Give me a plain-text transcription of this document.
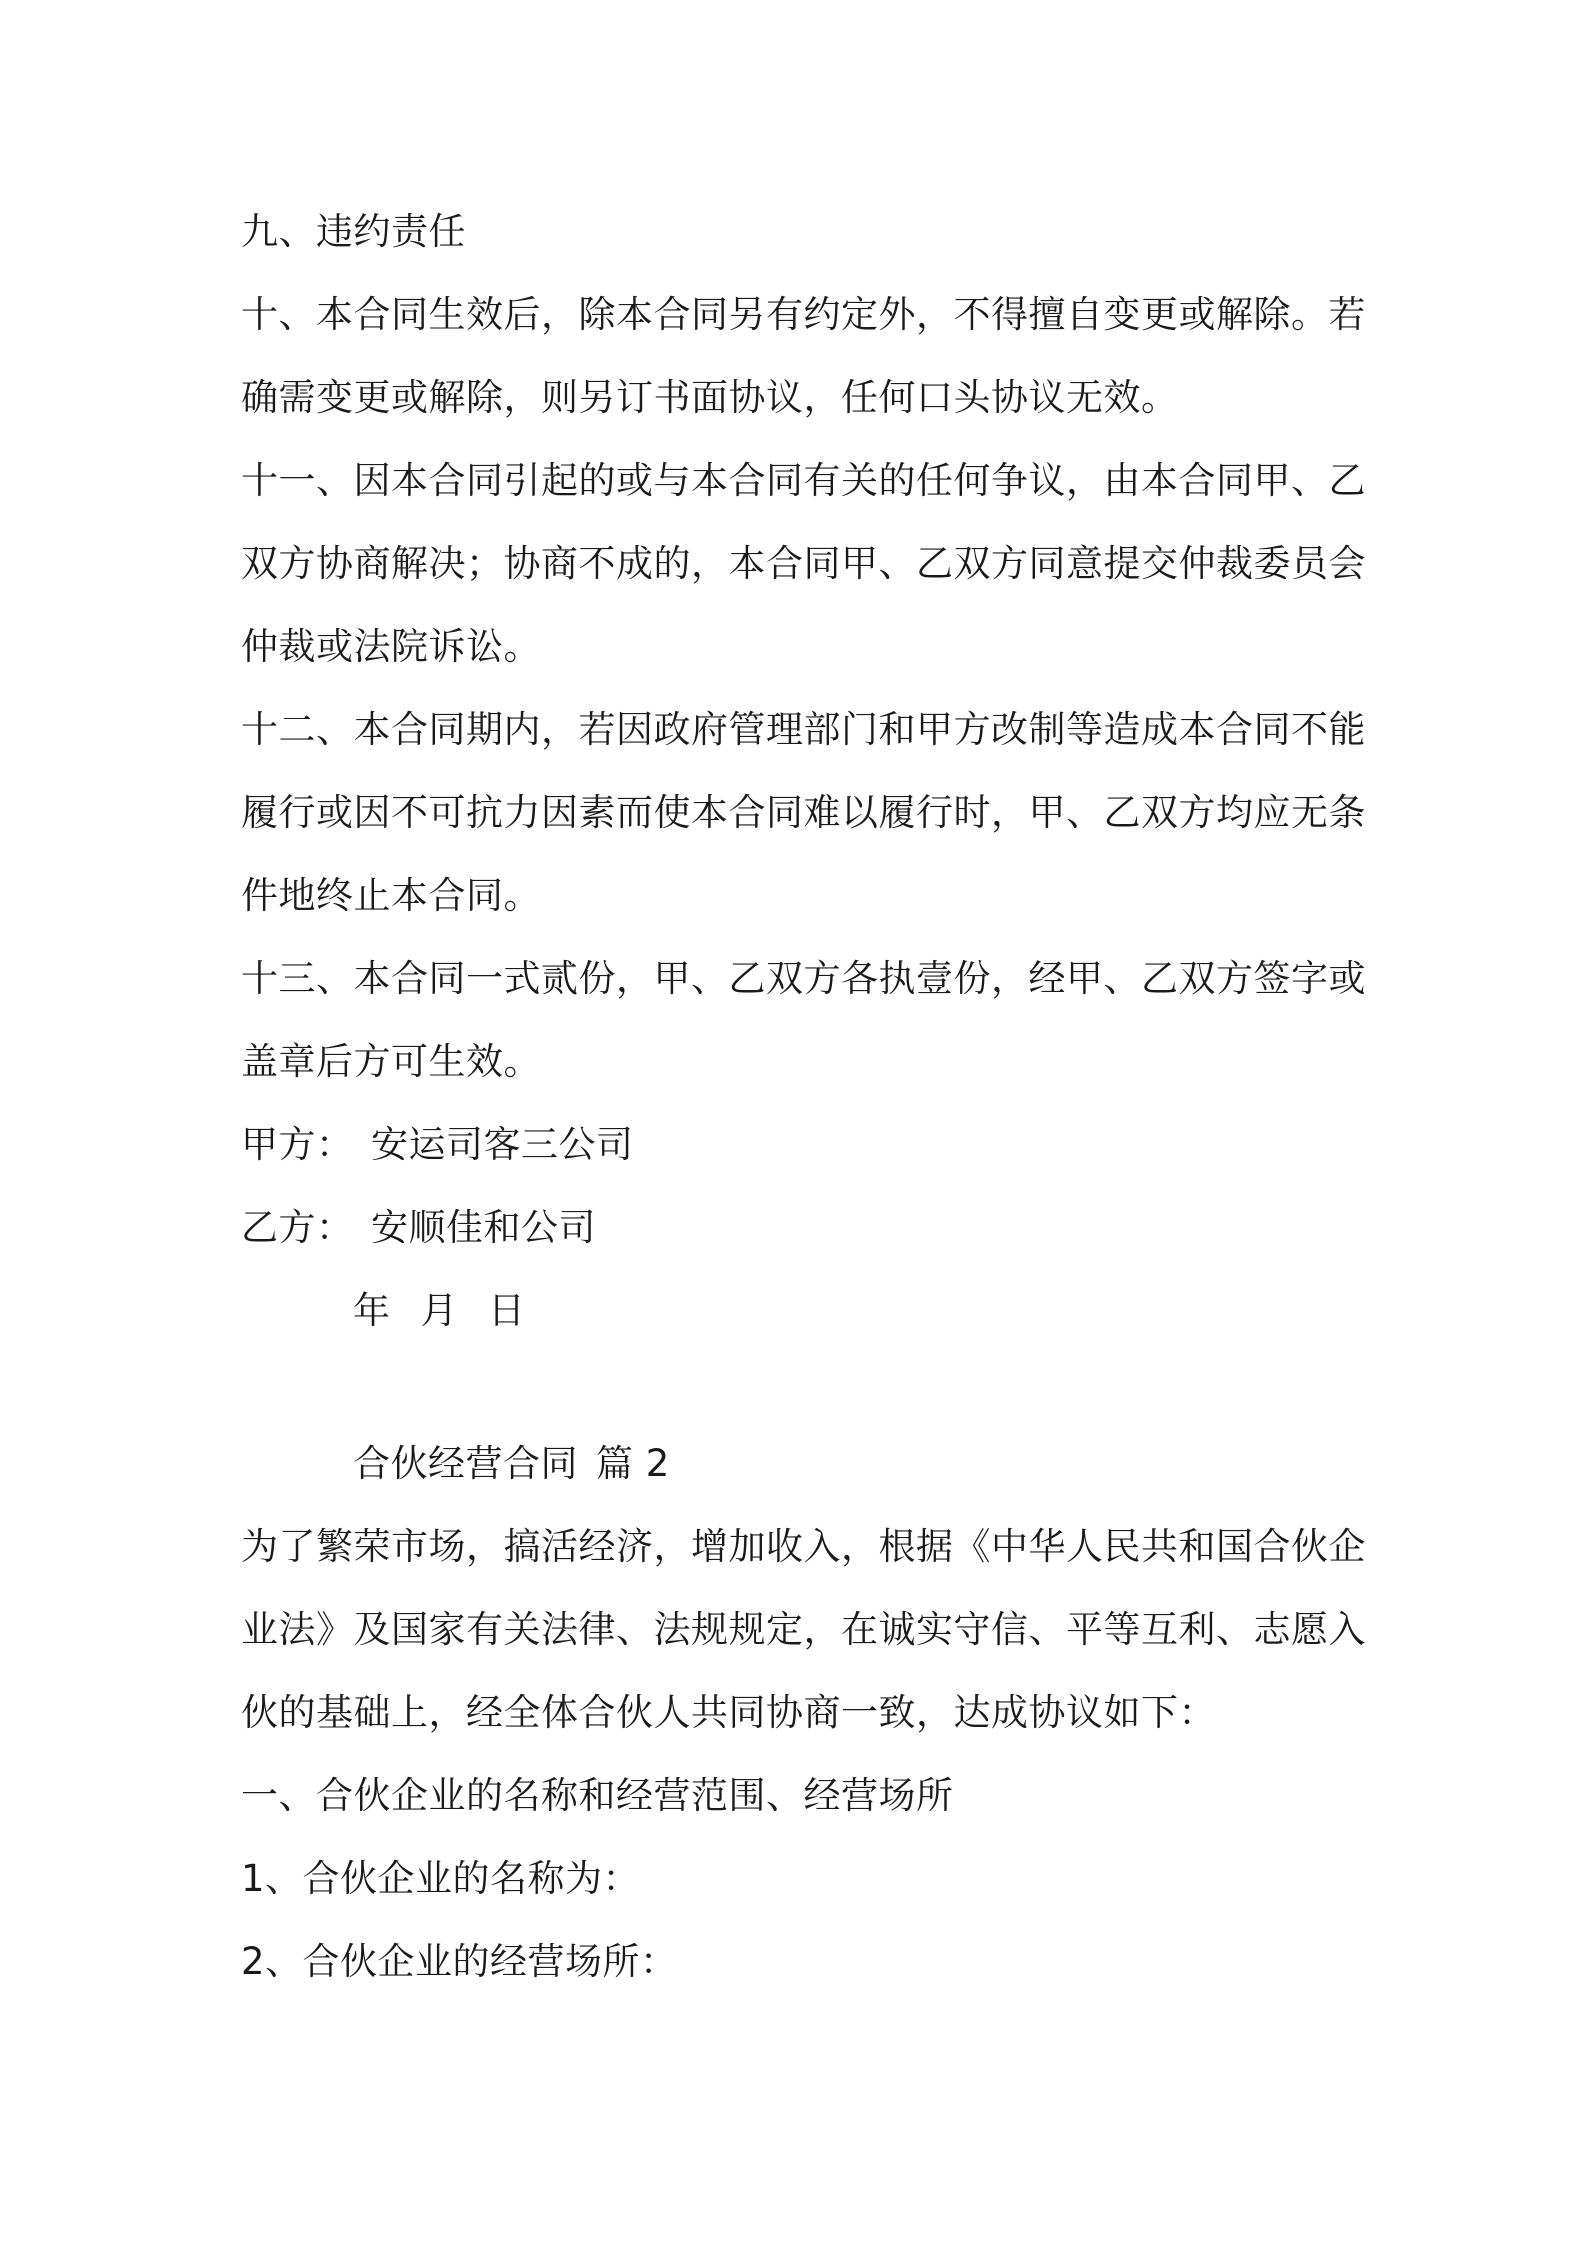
九、违约责任
十、本合同生效后，除本合同另有约定外，不得擅自变更或解除。若
确需变更或解除，则另订书面协议，任何口头协议无效。
十一、因本合同引起的或与本合同有关的任何争议，由本合同甲、乙
双方协商解决；协商不成的，本合同甲、乙双方同意提交仲裁委员会
仲裁或法院诉讼。
十二、本合同期内，若因政府管理部门和甲方改制等造成本合同不能
履行或因不可抗力因素而使本合同难以履行时，甲、乙双方均应无条
件地终止本合同。
十三、本合同一式贰份，甲、乙双方各执壹份，经甲、乙双方签字或
盖章后方可生效。
甲方： 安运司客三公司
乙方： 安顺佳和公司
年 月 日
合伙经营合同 篇 2
为了繁荣市场，搞活经济，增加收入，根据《中华人民共和国合伙企
业法》及国家有关法律、法规规定，在诚实守信、平等互利、志愿入
伙的基础上，经全体合伙人共同协商一致，达成协议如下：
一、合伙企业的名称和经营范围、经营场所
1、合伙企业的名称为：
2、合伙企业的经营场所：
